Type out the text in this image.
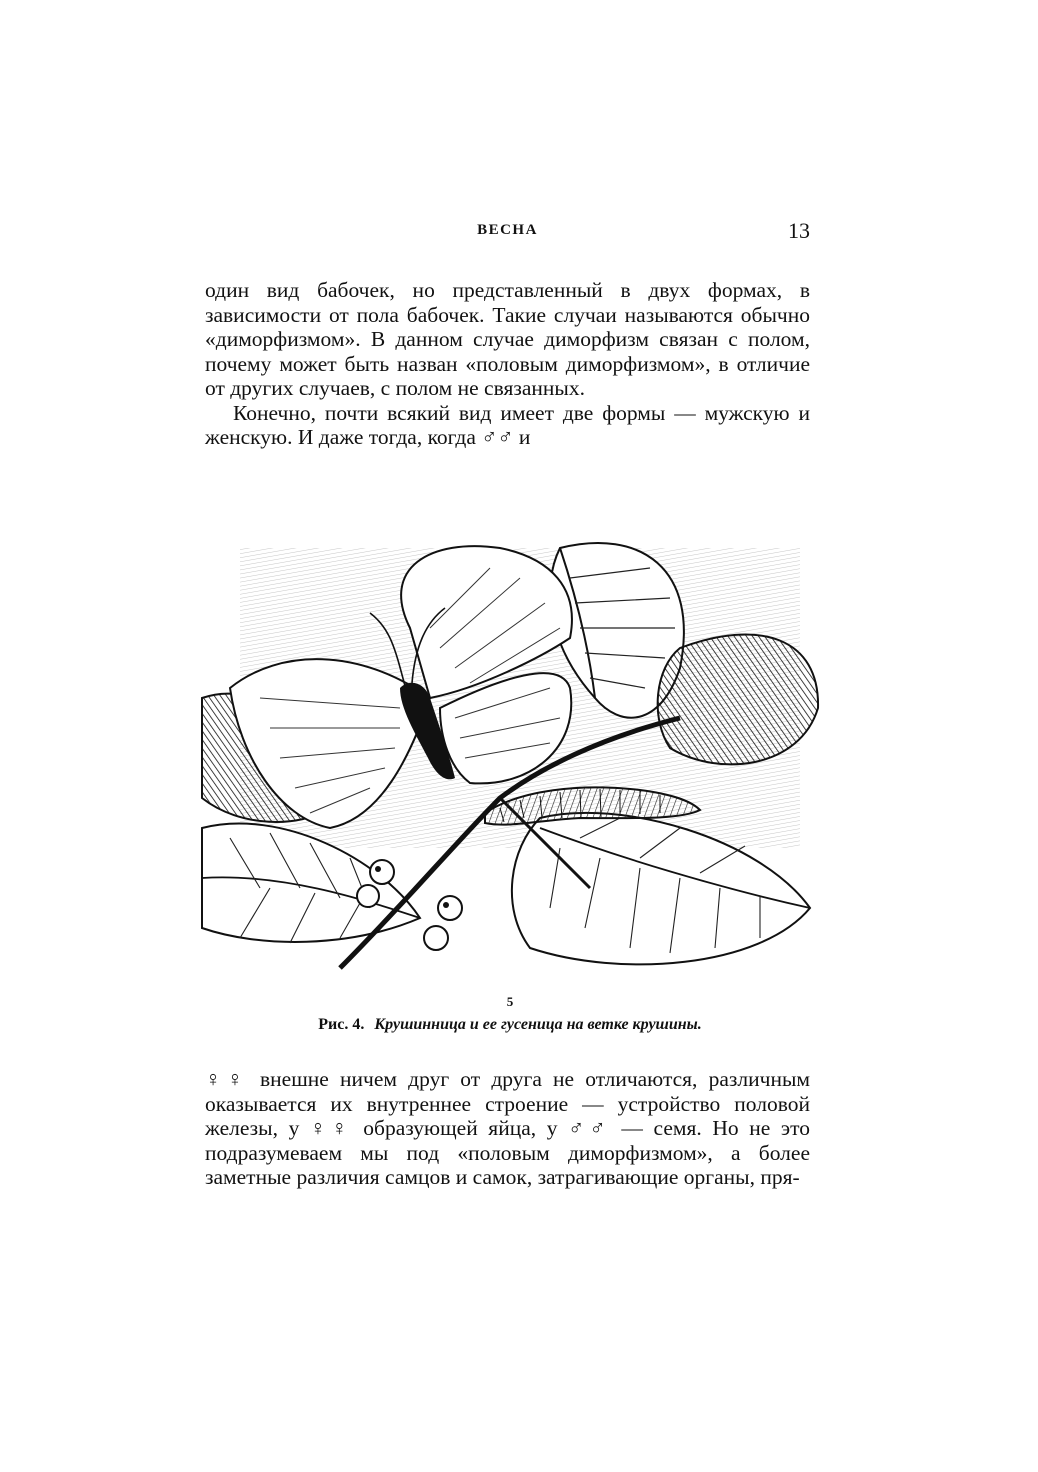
ВЕСНА	13

один вид бабочек, но представленный в двух формах, в зависимости от пола бабочек. Такие случаи называются обычно «диморфизмом». В данном случае диморфизм связан с полом, почему может быть назван «половым диморфизмом», в отличие от других случаев, с полом не связанных.

Конечно, почти всякий вид имеет две формы — мужскую и женскую. И даже тогда, когда ♂♂ и

5
Рис. 4. Крушинница и ее гусеница на ветке крушины.

♀♀ внешне ничем друг от друга не отличаются, различным оказывается их внутреннее строение — устройство половой железы, у ♀♀ образующей яйца, у ♂♂ — семя. Но не это подразумеваем мы под «половым диморфизмом», а более заметные различия самцов и самок, затрагивающие органы, пря-
